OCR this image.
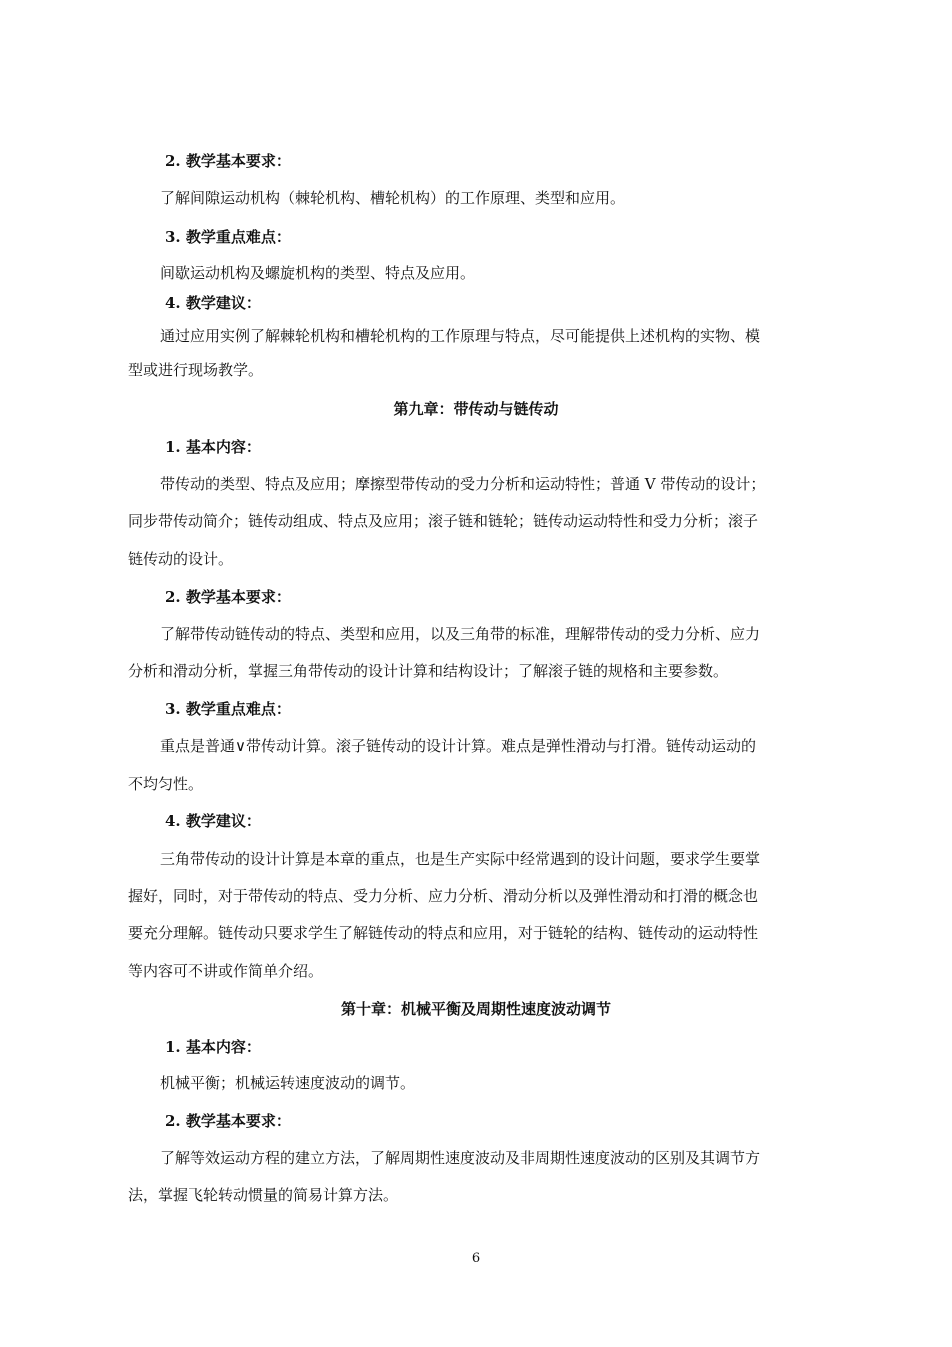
2. 教学基本要求：
了解间隙运动机构（棘轮机构、槽轮机构）的工作原理、类型和应用。
3. 教学重点难点：
间歇运动机构及螺旋机构的类型、特点及应用。
4. 教学建议：
通过应用实例了解棘轮机构和槽轮机构的工作原理与特点，尽可能提供上述机构的实物、模
型或进行现场教学。
第九章：带传动与链传动
1. 基本内容：
带传动的类型、特点及应用；摩擦型带传动的受力分析和运动特性；普通 V 带传动的设计；
同步带传动简介；链传动组成、特点及应用；滚子链和链轮；链传动运动特性和受力分析；滚子
链传动的设计。
2. 教学基本要求：
了解带传动链传动的特点、类型和应用，以及三角带的标准，理解带传动的受力分析、应力
分析和滑动分析，掌握三角带传动的设计计算和结构设计；了解滚子链的规格和主要参数。
3. 教学重点难点：
重点是普通∨带传动计算。滚子链传动的设计计算。难点是弹性滑动与打滑。链传动运动的
不均匀性。
4. 教学建议：
三角带传动的设计计算是本章的重点，也是生产实际中经常遇到的设计问题，要求学生要掌
握好，同时，对于带传动的特点、受力分析、应力分析、滑动分析以及弹性滑动和打滑的概念也
要充分理解。链传动只要求学生了解链传动的特点和应用，对于链轮的结构、链传动的运动特性
等内容可不讲或作简单介绍。
第十章：机械平衡及周期性速度波动调节
1. 基本内容：
机械平衡；机械运转速度波动的调节。
2. 教学基本要求：
了解等效运动方程的建立方法，了解周期性速度波动及非周期性速度波动的区别及其调节方
法，掌握飞轮转动惯量的简易计算方法。
6
